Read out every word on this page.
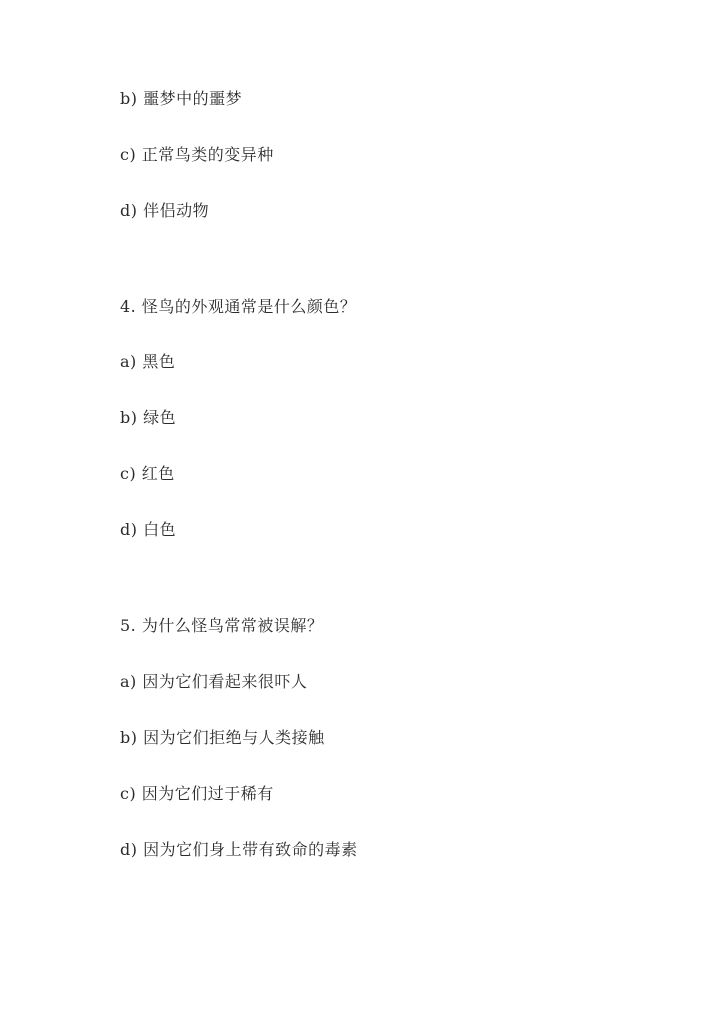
b) 噩梦中的噩梦
c) 正常鸟类的变异种
d) 伴侣动物
4. 怪鸟的外观通常是什么颜色？
a) 黑色
b) 绿色
c) 红色
d) 白色
5. 为什么怪鸟常常被误解？
a) 因为它们看起来很吓人
b) 因为它们拒绝与人类接触
c) 因为它们过于稀有
d) 因为它们身上带有致命的毒素
